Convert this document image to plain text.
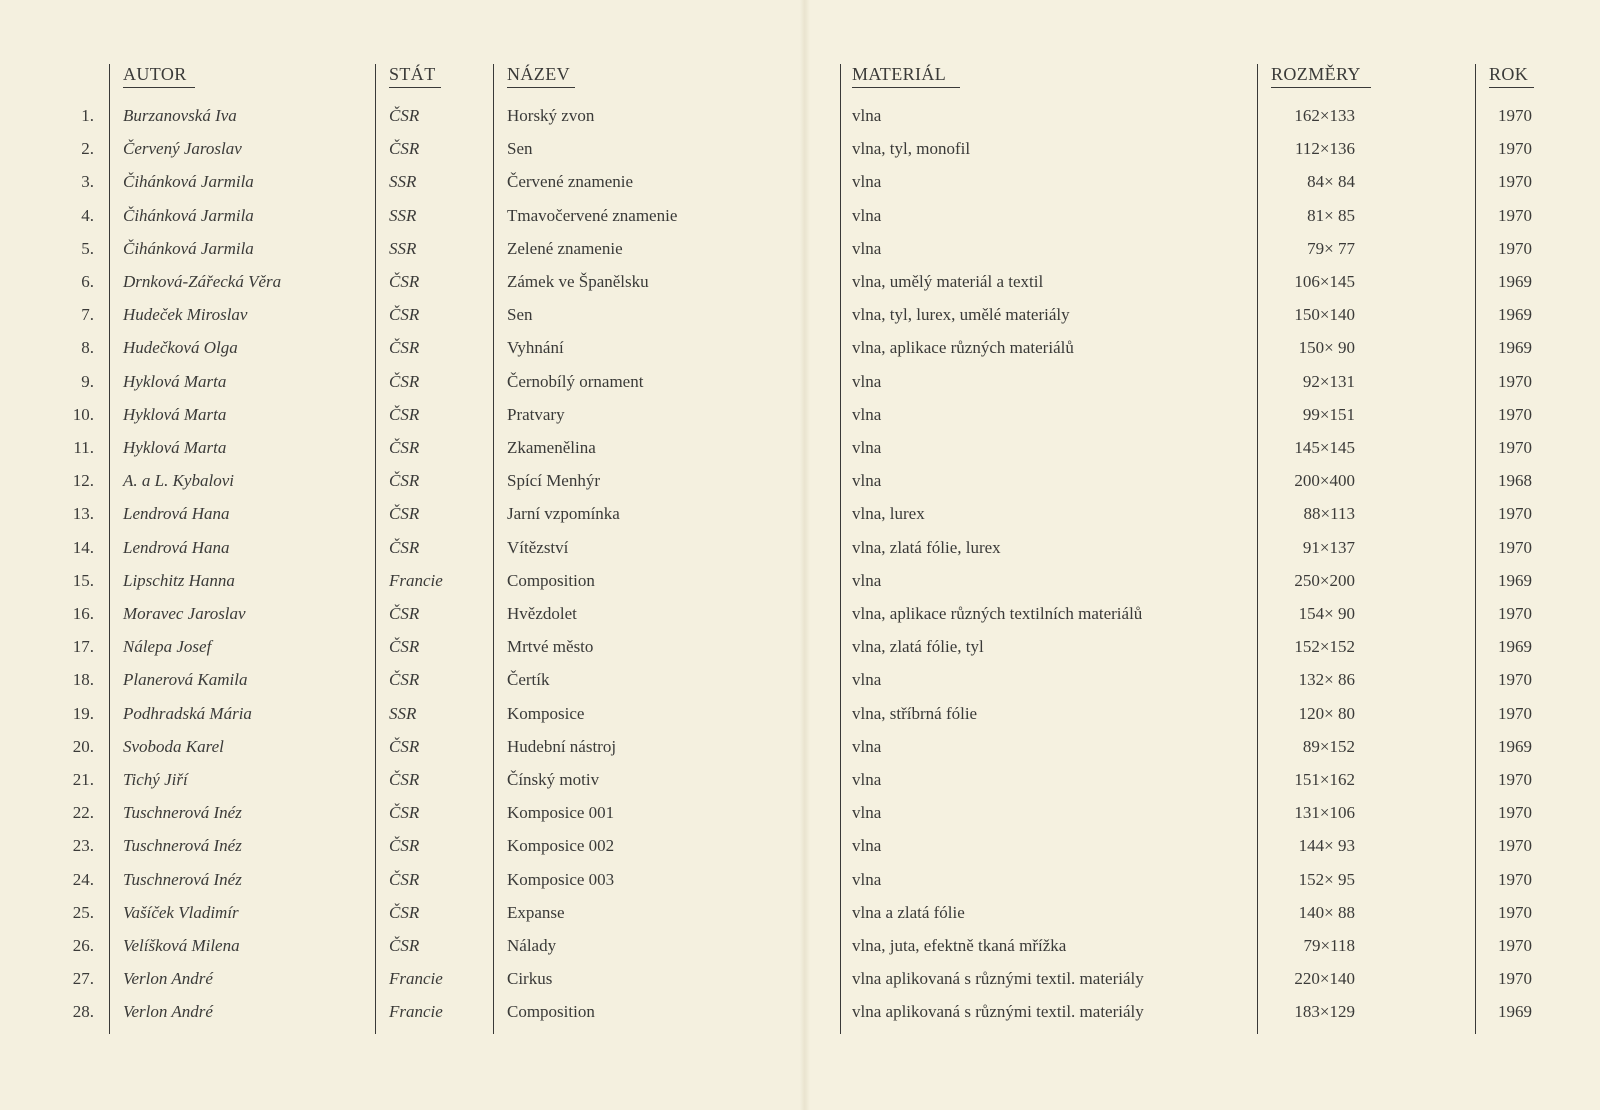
AUTOR	STÁT	NÁZEV	MATERIÁL	ROZMĚRY	ROK
1. Burzanovská Iva	ČSR	Horský zvon	vlna	162×133	1970
2. Červený Jaroslav	ČSR	Sen	vlna, tyl, monofil	112×136	1970
3. Čihánková Jarmila	SSR	Červené znamenie	vlna	84× 84	1970
4. Čihánková Jarmila	SSR	Tmavočervené znamenie	vlna	81× 85	1970
5. Čihánková Jarmila	SSR	Zelené znamenie	vlna	79× 77	1970
6. Drnková-Zářecká Věra	ČSR	Zámek ve Španělsku	vlna, umělý materiál a textil	106×145	1969
7. Hudeček Miroslav	ČSR	Sen	vlna, tyl, lurex, umělé materiály	150×140	1969
8. Hudečková Olga	ČSR	Vyhnání	vlna, aplikace různých materiálů	150× 90	1969
9. Hyklová Marta	ČSR	Černobílý ornament	vlna	92×131	1970
10. Hyklová Marta	ČSR	Pratvary	vlna	99×151	1970
11. Hyklová Marta	ČSR	Zkamenělina	vlna	145×145	1970
12. A. a L. Kybalovi	ČSR	Spící Menhýr	vlna	200×400	1968
13. Lendrová Hana	ČSR	Jarní vzpomínka	vlna, lurex	88×113	1970
14. Lendrová Hana	ČSR	Vítězství	vlna, zlatá fólie, lurex	91×137	1970
15. Lipschitz Hanna	Francie	Composition	vlna	250×200	1969
16. Moravec Jaroslav	ČSR	Hvězdolet	vlna, aplikace různých textilních materiálů	154× 90	1970
17. Nálepa Josef	ČSR	Mrtvé město	vlna, zlatá fólie, tyl	152×152	1969
18. Planerová Kamila	ČSR	Čertík	vlna	132× 86	1970
19. Podhradská Mária	SSR	Komposice	vlna, stříbrná fólie	120× 80	1970
20. Svoboda Karel	ČSR	Hudební nástroj	vlna	89×152	1969
21. Tichý Jiří	ČSR	Čínský motiv	vlna	151×162	1970
22. Tuschnerová Inéz	ČSR	Komposice 001	vlna	131×106	1970
23. Tuschnerová Inéz	ČSR	Komposice 002	vlna	144× 93	1970
24. Tuschnerová Inéz	ČSR	Komposice 003	vlna	152× 95	1970
25. Vašíček Vladimír	ČSR	Expanse	vlna a zlatá fólie	140× 88	1970
26. Velíšková Milena	ČSR	Nálady	vlna, juta, efektně tkaná mřížka	79×118	1970
27. Verlon André	Francie	Cirkus	vlna aplikovaná s různými textil. materiály	220×140	1970
28. Verlon André	Francie	Composition	vlna aplikovaná s různými textil. materiály	183×129	1969
